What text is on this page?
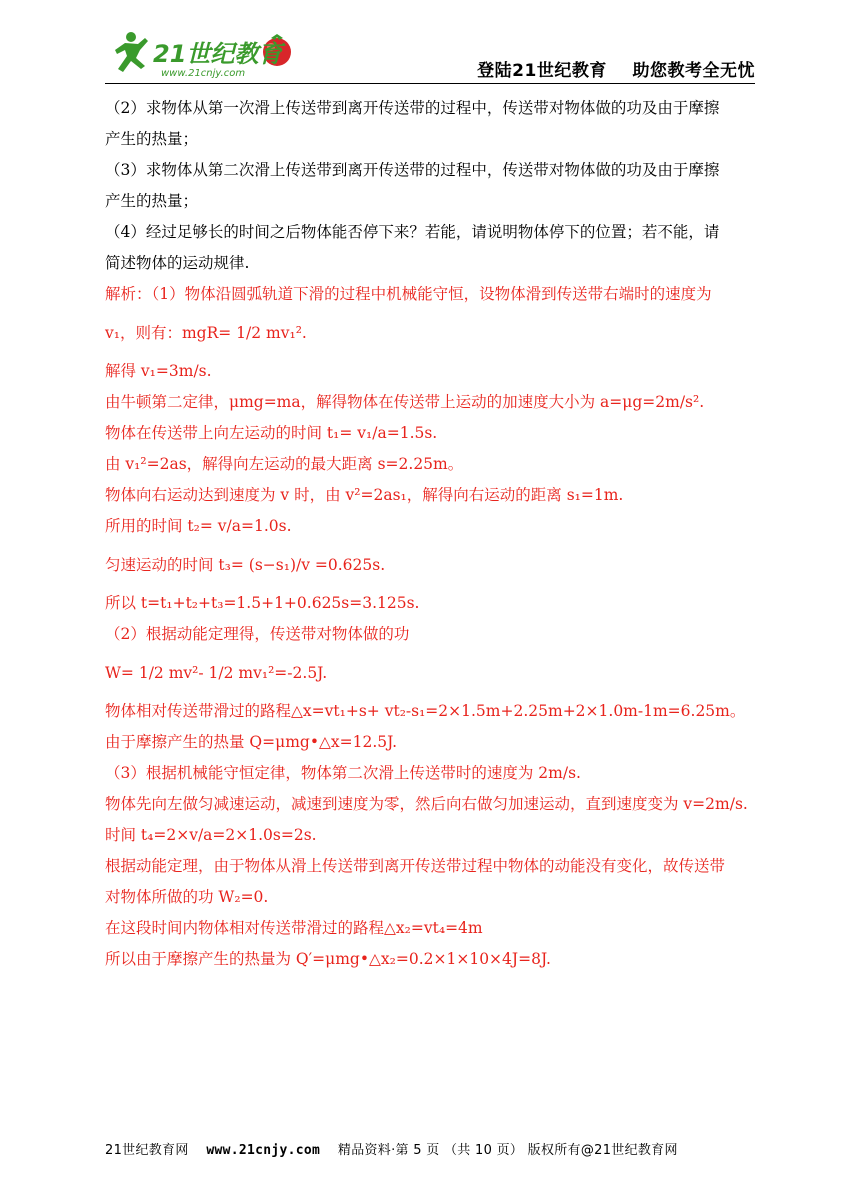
21世纪教育
www.21cnjy.com	登陆21世纪教育    助您教考全无忧
（2）求物体从第一次滑上传送带到离开传送带的过程中，传送带对物体做的功及由于摩擦
产生的热量；
（3）求物体从第二次滑上传送带到离开传送带的过程中，传送带对物体做的功及由于摩擦
产生的热量；
（4）经过足够长的时间之后物体能否停下来？若能，请说明物体停下的位置；若不能，请
简述物体的运动规律.
解析：（1）物体沿圆弧轨道下滑的过程中机械能守恒，设物体滑到传送带右端时的速度为
v₁，则有：mgR= 1/2 mv₁².
解得 v₁=3m/s.
由牛顿第二定律，μmg=ma，解得物体在传送带上运动的加速度大小为 a=μg=2m/s².
物体在传送带上向左运动的时间 t₁= v₁/a=1.5s.
由 v₁²=2as，解得向左运动的最大距离 s=2.25m。
物体向右运动达到速度为 v 时，由 v²=2as₁，解得向右运动的距离 s₁=1m.
所用的时间 t₂= v/a=1.0s.
匀速运动的时间 t₃= (s−s₁)/v =0.625s.
所以 t=t₁+t₂+t₃=1.5+1+0.625s=3.125s.
（2）根据动能定理得，传送带对物体做的功
W= 1/2 mv²- 1/2 mv₁²=-2.5J.
物体相对传送带滑过的路程△x=vt₁+s+ vt₂-s₁=2×1.5m+2.25m+2×1.0m-1m=6.25m。
由于摩擦产生的热量 Q=μmg•△x=12.5J.
（3）根据机械能守恒定律，物体第二次滑上传送带时的速度为 2m/s.
物体先向左做匀减速运动，减速到速度为零，然后向右做匀加速运动，直到速度变为 v=2m/s.
时间 t₄=2×v/a=2×1.0s=2s.
根据动能定理，由于物体从滑上传送带到离开传送带过程中物体的动能没有变化，故传送带
对物体所做的功 W₂=0.
在这段时间内物体相对传送带滑过的路程△x₂=vt₄=4m
所以由于摩擦产生的热量为 Q′=μmg•△x₂=0.2×1×10×4J=8J.
21世纪教育网 www.21cnjy.com 精品资料·第 5 页 （共 10 页） 版权所有@21世纪教育网
